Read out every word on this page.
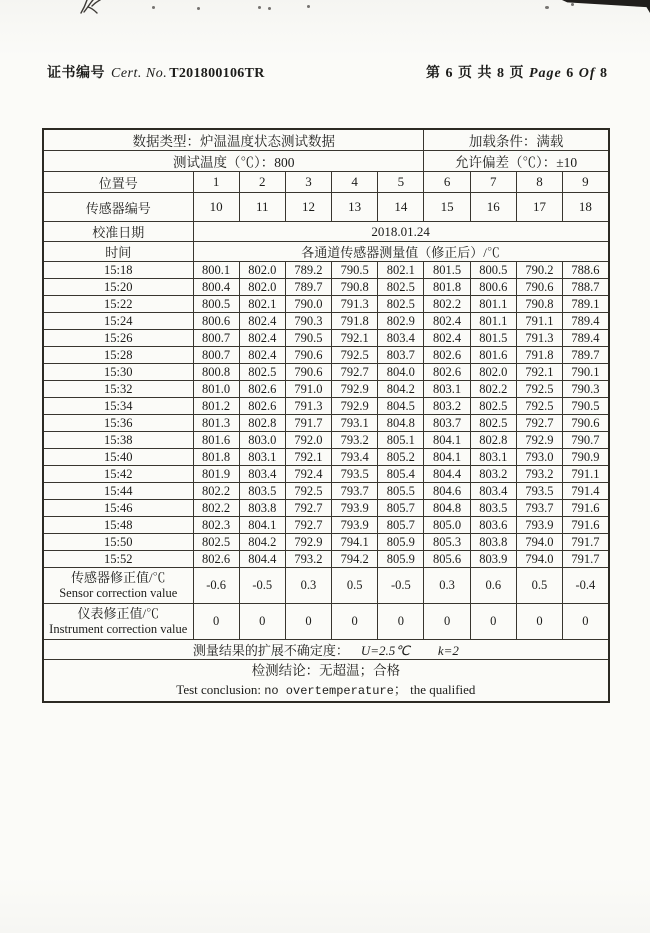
证书编号 Cert. No. T201800106TR	第 6 页 共 8 页 Page 6 Of 8
数据类型：炉温温度状态测试数据						加载条件：满载			
测试温度（℃）：800						允许偏差（℃）：±10			
位置号	1	2	3	4	5	6	7	8	9
传感器编号	10	11	12	13	14	15	16	17	18
校准日期	2018.01.24								
时间	各通道传感器测量值（修正后）/℃								
15:18	800.1	802.0	789.2	790.5	802.1	801.5	800.5	790.2	788.6
15:20	800.4	802.0	789.7	790.8	802.5	801.8	800.6	790.6	788.7
15:22	800.5	802.1	790.0	791.3	802.5	802.2	801.1	790.8	789.1
15:24	800.6	802.4	790.3	791.8	802.9	802.4	801.1	791.1	789.4
15:26	800.7	802.4	790.5	792.1	803.4	802.4	801.5	791.3	789.4
15:28	800.7	802.4	790.6	792.5	803.7	802.6	801.6	791.8	789.7
15:30	800.8	802.5	790.6	792.7	804.0	802.6	802.0	792.1	790.1
15:32	801.0	802.6	791.0	792.9	804.2	803.1	802.2	792.5	790.3
15:34	801.2	802.6	791.3	792.9	804.5	803.2	802.5	792.5	790.5
15:36	801.3	802.8	791.7	793.1	804.8	803.7	802.5	792.7	790.6
15:38	801.6	803.0	792.0	793.2	805.1	804.1	802.8	792.9	790.7
15:40	801.8	803.1	792.1	793.4	805.2	804.1	803.1	793.0	790.9
15:42	801.9	803.4	792.4	793.5	805.4	804.4	803.2	793.2	791.1
15:44	802.2	803.5	792.5	793.7	805.5	804.6	803.4	793.5	791.4
15:46	802.2	803.8	792.7	793.9	805.7	804.8	803.5	793.7	791.6
15:48	802.3	804.1	792.7	793.9	805.7	805.0	803.6	793.9	791.6
15:50	802.5	804.2	792.9	794.1	805.9	805.3	803.8	794.0	791.7
15:52	802.6	804.4	793.2	794.2	805.9	805.6	803.9	794.0	791.7

传感器修正值/℃
Sensor correction value	-0.6	-0.5	0.3	0.5	-0.5	0.3	0.6	0.5	-0.4

仪表修正值/℃
Instrument correction value	0	0	0	0	0	0	0	0	0
测量结果的扩展不确定度： U=2.5℃ k=2									

检测结论：无超温；合格
Test conclusion: no overtemperature； the qualified									
